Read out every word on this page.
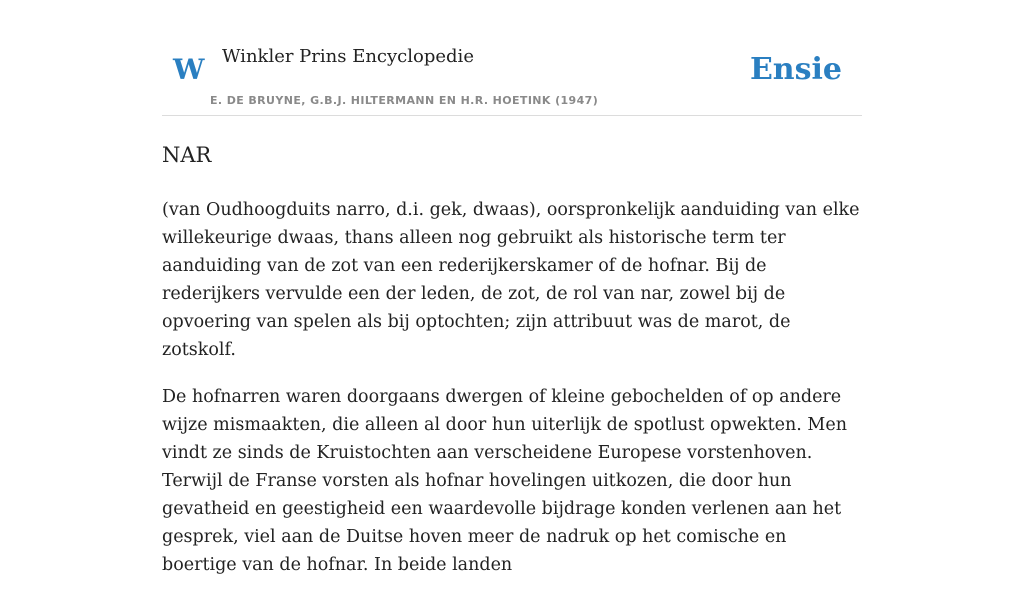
W Winkler Prins Encyclopedie
E. DE BRUYNE, G.B.J. HILTERMANN EN H.R. HOETINK (1947)
Ensie
NAR

(van Oudhoogduits narro, d.i. gek, dwaas), oorspronkelijk aanduiding van elke willekeurige dwaas, thans alleen nog gebruikt als historische term ter aanduiding van de zot van een rederijkerskamer of de hofnar. Bij de rederijkers vervulde een der leden, de zot, de rol van nar, zowel bij de opvoering van spelen als bij optochten; zijn attribuut was de marot, de zotskolf.

De hofnarren waren doorgaans dwergen of kleine gebochelden of op andere wijze mismaakten, die alleen al door hun uiterlijk de spotlust opwekten. Men vindt ze sinds de Kruistochten aan verscheidene Europese vorstenhoven. Terwijl de Franse vorsten als hofnar hovelingen uitkozen, die door hun gevatheid en geestigheid een waardevolle bijdrage konden verlenen aan het gesprek, viel aan de Duitse hoven meer de nadruk op het comische en boertige van de hofnar. In beide landen
